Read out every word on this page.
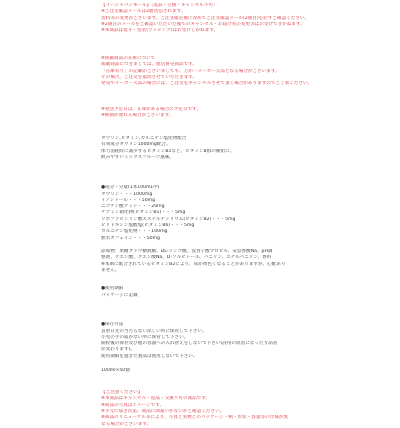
【イージャパンモール】［返品・交換・キャンセル不可］
※ご注文確認メールは2通送信されます。
送料等の変更がございます。ご注文確定後に改めてご注文確認メール(2通目)を必ずご確認ください。
※2通目のメールをご確認いただいた後でのキャンセル・お届け先の変更等はお受けできかねます。
※本商品は熨斗・包装(ラッピング)はお受けしかねます。
※掲載商品の在庫について
掲載商品につきましては、他店併売商品です。
「在庫有り」の記載がございましても、万が一メーカー欠品となる場合がございます。
その場合、ご注文を取消させていただきます。
発売やメーカー欠品の場合には、ご注文をキャンセルさせて頂く場合がありますのでご了承ください。
※発送予定日は、在庫がある場合の予定日です。
※納期が遅れる場合がございます。
タウリン,ビタミン,カルニチン塩化物配合
有効成分タウリン1000mg配合。
体力消耗時に減少するビタミンB1など、ビタミンB群の補給に。
飲みやすいミックスフルーツ風味。
●成分・分量(1本100mL中)
タウリン・・・1000mg
イノシトール・・・50mg
ニコチン酸アミド・・・20mg
チアミン硝化物(ビタミンB1)・・・5mg
リボフラビンリン酸エステルナトリウム(ビタミンB2)・・・5mg
ピリドキシン塩酸塩(ビタミンB6)・・・5mg
カルニチン塩化物・・・100mg
無水カフェイン・・・50mg
添加物：果糖ブドウ糖液糖、DL-リンゴ酸、没食子酸プロピル、安息香酸Na、pH調
整剤、クエン酸、クエン酸Na、D-ソルビトール、バニリン、エチルバニリン、香料
※本剤に配合されているビタミンB2により、尿が黄色くなることがありますが、心配あり
ません。
●使用期限
パッケージに記載
●保存方法
直射日光の当たらない涼しい所に保管して下さい。
小児の手の届かない所に保管して下さい。
開栓後の保存及び他の容器への入れ替えをしないで下さい(誤用の原因になったり品質
が変わります)。
使用期限を過ぎた製品は使用しないで下さい。
100ml×50個
【ご注意ください】
※本商品はキャンセル・返品・交換不可の商品です。
※商品の写真はイメージです。
※手元に届き次第、商品に間違いがないかご確認ください。
※商品のリニューアル等により、写真と実物とのパッケージ・柄・形状・容量等の仕様が異
なる場合がございます。
